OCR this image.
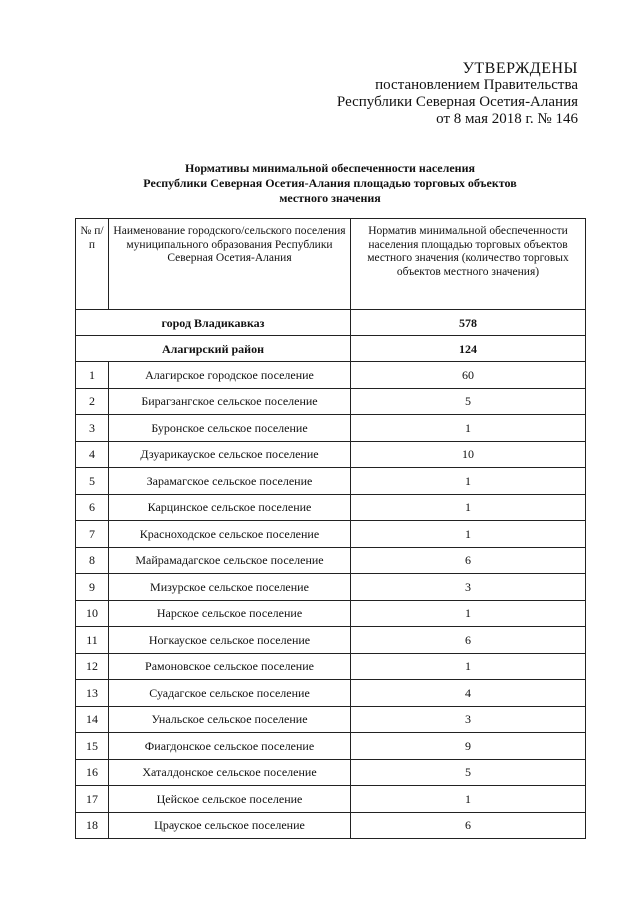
УТВЕРЖДЕНЫ
постановлением Правительства
Республики Северная Осетия-Алания
от 8 мая 2018 г. № 146
Нормативы минимальной обеспеченности населения
Республики Северная Осетия-Алания площадью торговых объектов
местного значения
№ п/п	Наименование городского/сельского поселения муниципального образования Республики Северная Осетия-Алания	Норматив минимальной обеспеченности населения площадью торговых объектов местного значения (количество торговых объектов местного значения)
город Владикавказ		578
Алагирский район		124
1	Алагирское городское поселение	60
2	Бирагзангское сельское поселение	5
3	Буронское сельское поселение	1
4	Дзуарикауское сельское поселение	10
5	Зарамагское сельское поселение	1
6	Карцинское сельское поселение	1
7	Красноходское сельское поселение	1
8	Майрамадагское сельское поселение	6
9	Мизурское сельское поселение	3
10	Нарское сельское поселение	1
11	Ногкауское сельское поселение	6
12	Рамоновское сельское поселение	1
13	Суадагское сельское поселение	4
14	Унальское сельское поселение	3
15	Фиагдонское сельское поселение	9
16	Хаталдонское сельское поселение	5
17	Цейское сельское поселение	1
18	Црауское сельское поселение	6
